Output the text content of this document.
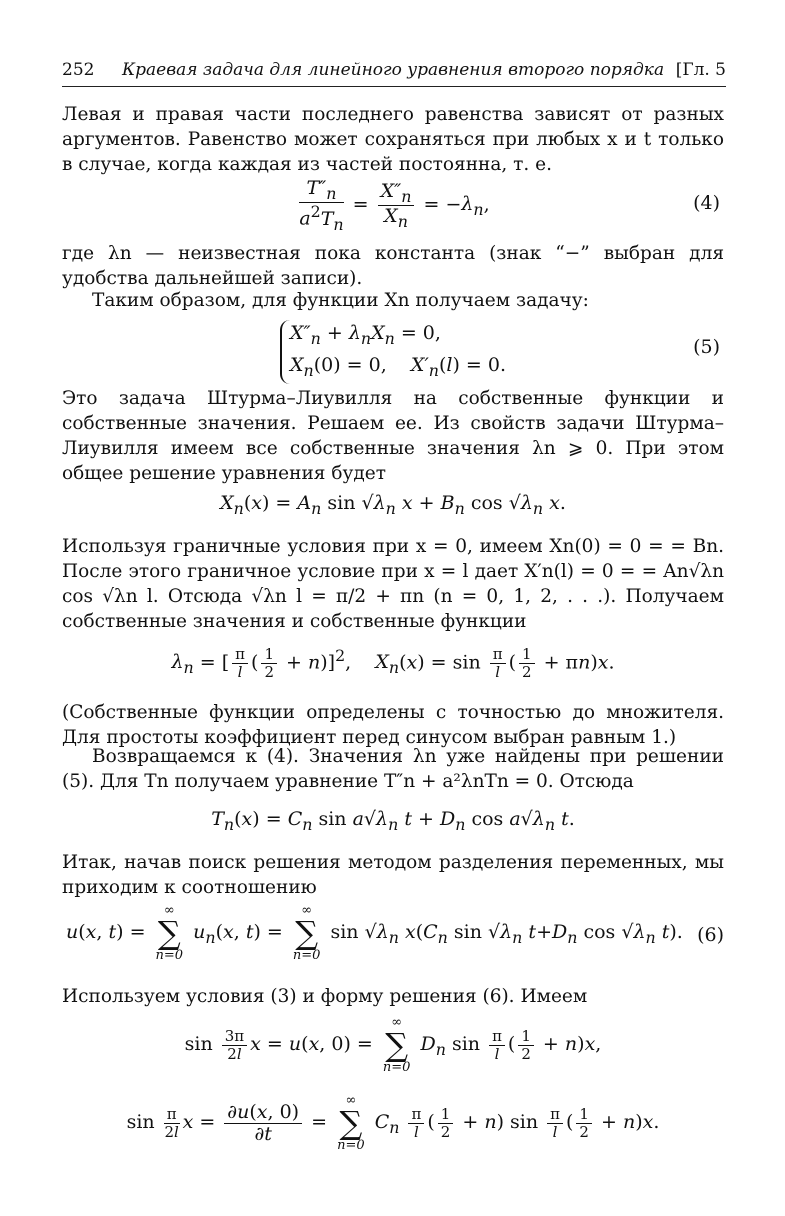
252 Краевая задача для линейного уравнения второго порядка [Гл. 5
Левая и правая части последнего равенства зависят от разных аргументов. Равенство может сохраняться при любых x и t только в случае, когда каждая из частей постоянна, т. е.
$\frac{T''_n}{a^2T_n} = \frac{X''_n}{X_n} = -\lambda_n$,	(4)
где λn — неизвестная пока константа (знак “−” выбран для удобства дальнейшей записи).
Таким образом, для функции Xn получаем задачу:
$X''_n + \lambda_nX_n = 0$,
$X_n(0) = 0$,    $X'_n(l) = 0$.
(5)
Это задача Штурма–Лиувилля на собственные функции и собственные значения. Решаем ее. Из свойств задачи Штурма–Лиувилля имеем все собственные значения λn ⩾ 0. При этом общее решение уравнения будет
$X_n(x) = A_n$ $\sin √\lambda_n$ $x + B_n$ $\cos √\lambda_n$ x.
Используя граничные условия при x = 0, имеем Xn(0) = 0 = = Bn. После этого граничное условие при x = l дает X′n(l) = 0 = = An√λn cos √λn l. Отсюда √λn l = π/2 + πn (n = 0, 1, 2, . . .). Получаем собственные значения и собственные функции
$\lambda_n$ = [ $\frac{\pi}{l}$ ( $\frac{1}{2} + n)]^2$,    $X_n(x) = \sin \frac{\pi}{l}$ ( $\frac{1}{2} + \pi n)x$.
(Собственные функции определены с точностью до множителя. Для простоты коэффициент перед синусом выбран равным 1.)
Возвращаемся к (4). Значения λn уже найдены при решении (5). Для Tn получаем уравнение T″n + a²λnTn = 0. Отсюда
$T_n(x) = C_n$ $\sin a√\lambda_n$ $t + D_n$ $\cos a√\lambda_n$ t.
Итак, начав поиск решения методом разделения переменных, мы приходим к соотношению
u(x, t) =
∞
∑
n=0
$u_n(x$, t) =
∞
∑
n=0
$\sin √\lambda_n$ $x(C_n$ $\sin √\lambda_n$ $t+D_n$ $\cos √\lambda_n$ t). (6)
Используем условия (3) и форму решения (6). Имеем
$\sin \frac{3\pi}{2l}$ x = u(x, 0) =
∞
∑
n=0
$D_n$ $\sin \frac{\pi}{l}$ ( $\frac{1}{2} + n)x$,
$\sin \frac{\pi}{2l}$ $x = \frac{\partial u(x, 0)}{\partial t}$ =
∞
∑
n=0
$C_n \frac{\pi}{l}$ ( $\frac{1}{2} + n$) $\sin \frac{\pi}{l}$ ( $\frac{1}{2} + n)x$.
